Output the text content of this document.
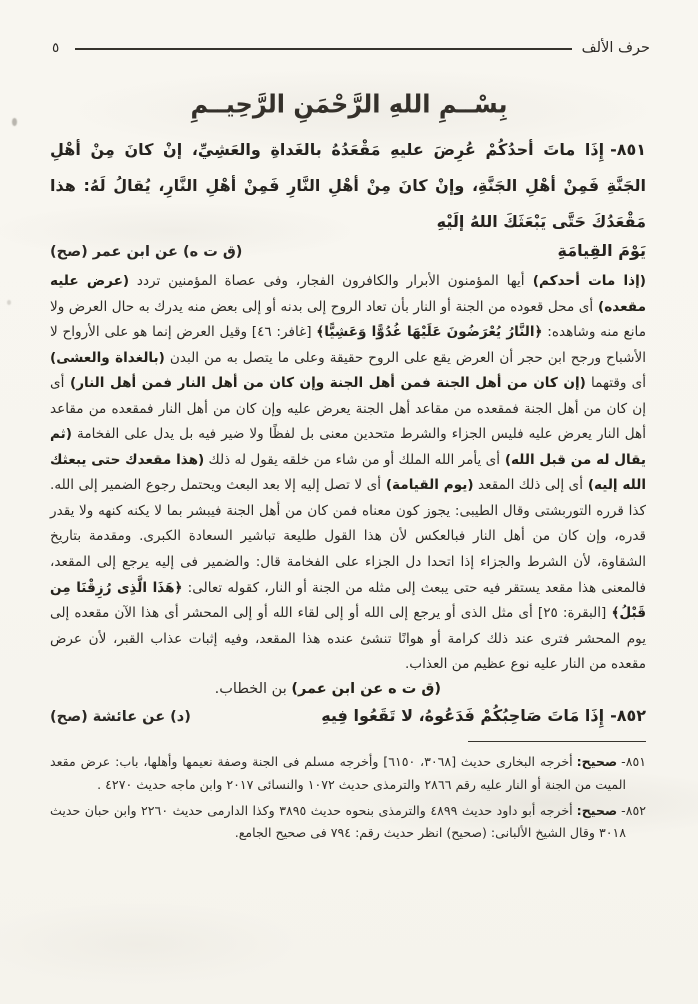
حرف الألف
٥
بِسْــمِ اللهِ الرَّحْمَنِ الرَّحِيــمِ

٨٥١-إِذَا ماتَ أحدُكُمْ عُرِضَ عليهِ مَقْعَدُهُ بالغَداةِ والعَشِيِّ، إنْ كانَ مِنْ أهْلِ الجَنَّةِ فَمِنْ أهْلِ الجَنَّةِ، وإنْ كانَ مِنْ أهْلِ النَّارِ فَمِنْ أهْلِ النَّارِ، يُقالُ لَهُ: هذا مَقْعَدُكَ حَتَّى يَبْعَثَكَ اللهُ إلَيْهِ

يَوْمَ القِيامَةِ
(ق ت ه) عن ابن عمر (صح)

(إذا مات أحدكم) أيها المؤمنون الأبرار والكافرون الفجار، وفى عصاة المؤمنين تردد (عرض عليه مقعده) أى محل قعوده من الجنة أو النار بأن تعاد الروح إلى بدنه أو إلى بعض منه يدرك به حال العرض ولا مانع منه وشاهده: ﴿النَّارُ يُعْرَضُونَ عَلَيْهَا غُدُوًّا وَعَشِيًّا﴾ [غافر: ٤٦] وقيل العرض إنما هو على الأرواح لا الأشباح ورجح ابن حجر أن العرض يقع على الروح حقيقة وعلى ما يتصل به من البدن (بالغداة والعشى) أى وقتهما (إن كان من أهل الجنة فمن أهل الجنة وإن كان من أهل النار فمن أهل النار) أى إن كان من أهل الجنة فمقعده من مقاعد أهل الجنة يعرض عليه وإن كان من أهل النار فمقعده من مقاعد أهل النار يعرض عليه فليس الجزاء والشرط متحدين معنى بل لفظًا ولا ضير فيه بل يدل على الفخامة (ثم يقال له من قبل الله) أى يأمر الله الملك أو من شاء من خلقه يقول له ذلك (هذا مقعدك حتى يبعثك الله إليه) أى إلى ذلك المقعد (يوم القيامة) أى لا تصل إليه إلا بعد البعث ويحتمل رجوع الضمير إلى الله. كذا قرره التوربشتى وقال الطيبى: يجوز كون معناه فمن كان من أهل الجنة فيبشر بما لا يكنه كنهه ولا يقدر قدره، وإن كان من أهل النار فبالعكس لأن هذا القول طليعة تباشير السعادة الكبرى. ومقدمة بتاريخ الشقاوة، لأن الشرط والجزاء إذا اتحدا دل الجزاء على الفخامة قال: والضمير فى إليه يرجع إلى المقعد، فالمعنى هذا مقعد يستقر فيه حتى يبعث إلى مثله من الجنة أو النار، كقوله تعالى: ﴿هَذَا الَّذِى رُزِقْنَا مِن قَبْلُ﴾ [البقرة: ٢٥] أى مثل الذى أو يرجع إلى الله أو إلى لقاء الله أو إلى المحشر أى هذا الآن مقعده إلى يوم المحشر فترى عند ذلك كرامة أو هوانًا تنشئ عنده هذا المقعد، وفيه إثبات عذاب القبر، لأن عرض مقعده من النار عليه نوع عظيم من العذاب.

(ق ت ه عن ابن عمر) بن الخطاب.

٨٥٢-إِذَا مَاتَ صَاحِبُكُمْ فَدَعُوهُ، لا تَقَعُوا فِيهِ
(د) عن عائشة (صح)

٨٥١-صحيح:أخرجه البخارى حديث [٣٠٦٨، ٦١٥٠] وأخرجه مسلم فى الجنة وصفة نعيمها وأهلها، باب: عرض مقعد الميت من الجنة أو النار عليه رقم ٢٨٦٦ والترمذى حديث ١٠٧٢ والنسائى ٢٠١٧ وابن ماجه حديث ٤٢٧٠ .

٨٥٢-صحيح:أخرجه أبو داود حديث ٤٨٩٩ والترمذى بنحوه حديث ٣٨٩٥ وكذا الدارمى حديث ٢٢٦٠ وابن حبان حديث ٣٠١٨ وقال الشيخ الألبانى: (صحيح) انظر حديث رقم: ٧٩٤ فى صحيح الجامع.
